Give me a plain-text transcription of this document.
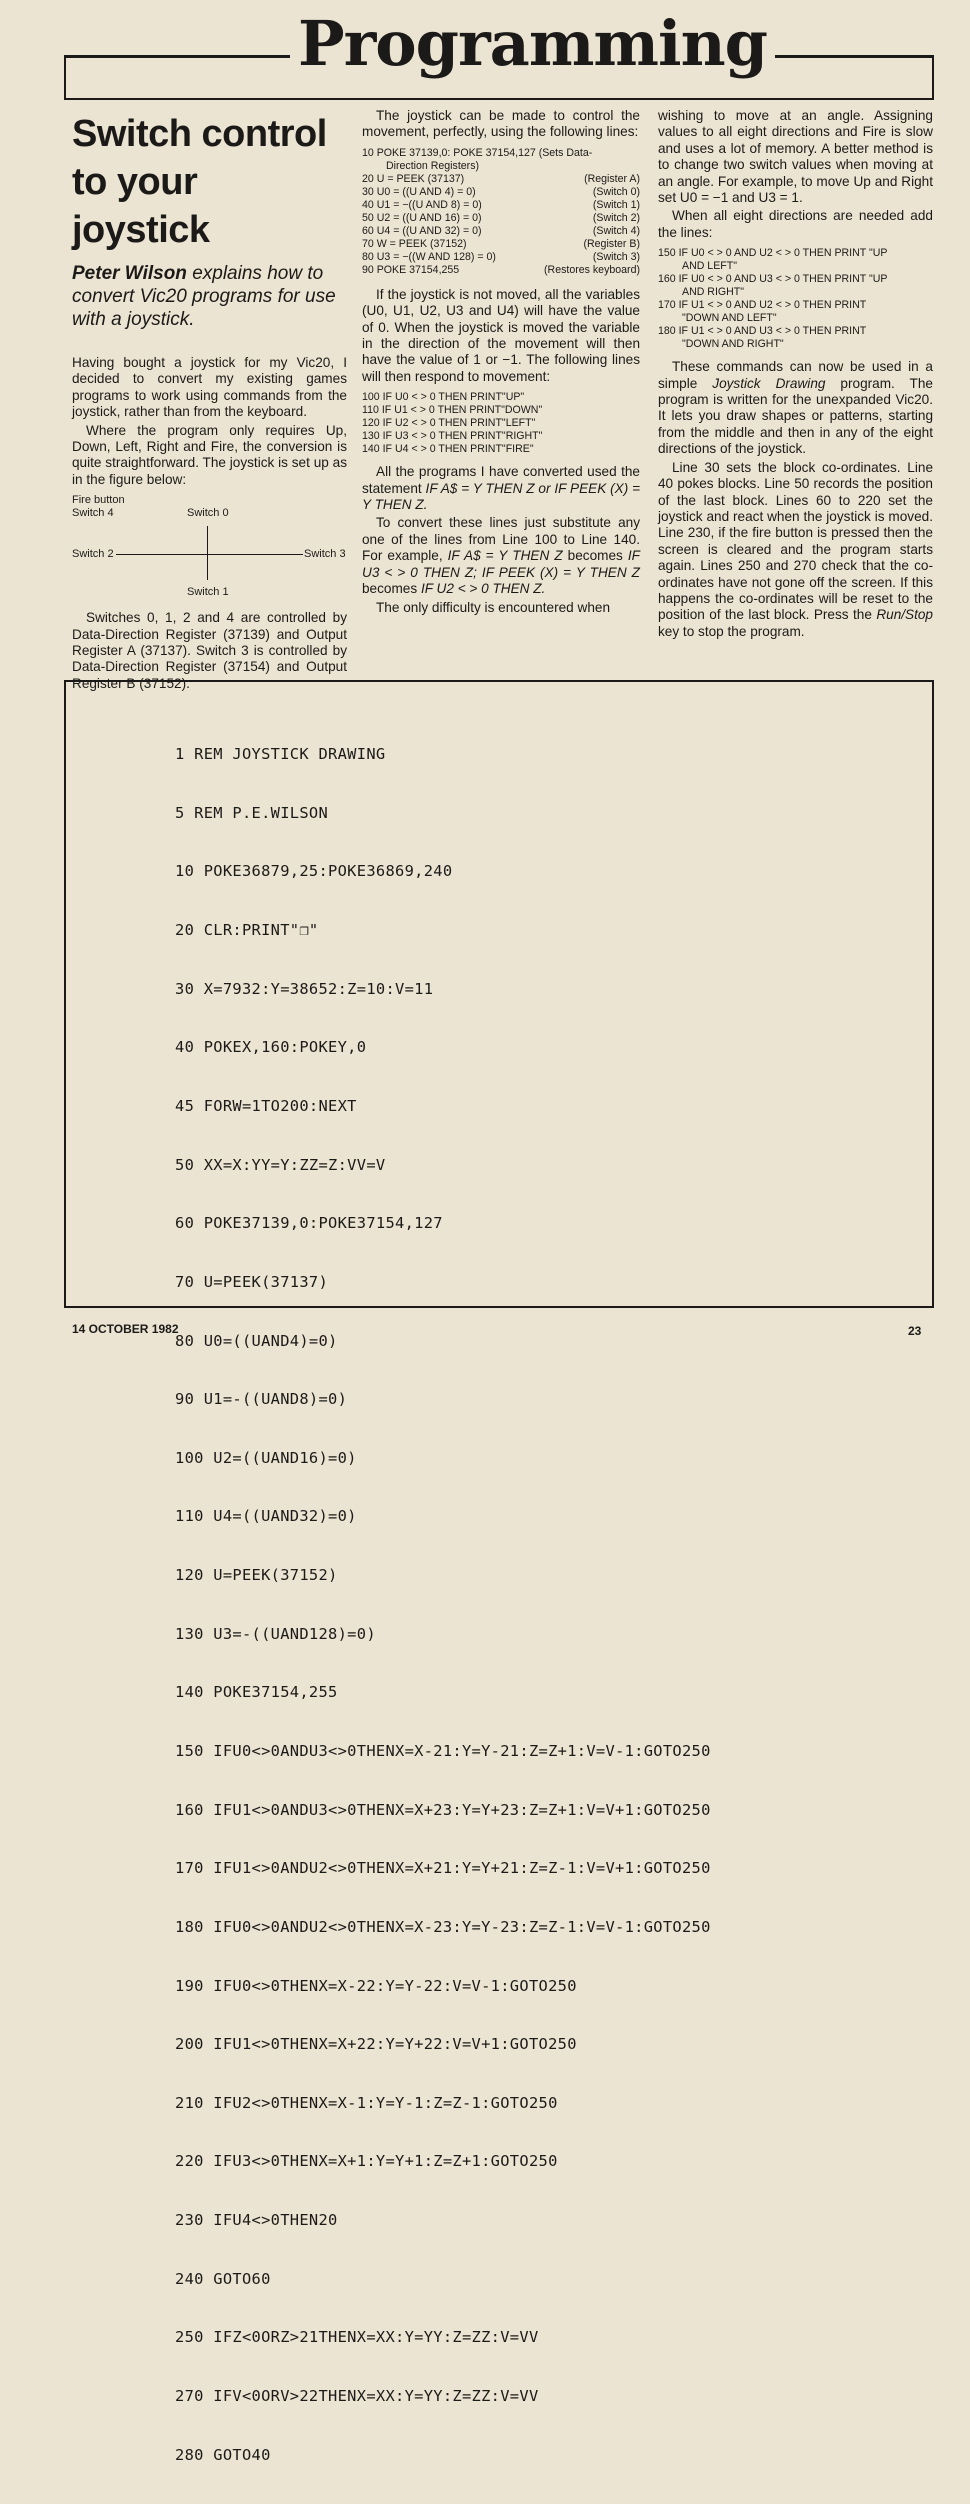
Programming
Switch control
to your
joystick
Peter Wilson explains how to convert Vic20 programs for use with a joystick.

Having bought a joystick for my Vic20, I decided to convert my existing games programs to work using commands from the joystick, rather than from the keyboard.

Where the program only requires Up, Down, Left, Right and Fire, the conversion is quite straightforward. The joystick is set up as in the figure below:

Fire button
Switch 4	Switch 0
Switch 2	Switch 3
Switch 1

Switches 0, 1, 2 and 4 are controlled by Data-Direction Register (37139) and Output Register A (37137). Switch 3 is controlled by Data-Direction Register (37154) and Output Register B (37152).

The joystick can be made to control the movement, perfectly, using the following lines:

10 POKE 37139,0: POKE 37154,127 (Sets Data-
Direction Registers)
20 U = PEEK (37137)	(Register A)
30 U0 = ((U AND 4) = 0)	(Switch 0)
40 U1 = −((U AND 8) = 0)	(Switch 1)
50 U2 = ((U AND 16) = 0)	(Switch 2)
60 U4 = ((U AND 32) = 0)	(Switch 4)
70 W = PEEK (37152)	(Register B)
80 U3 = −((W AND 128) = 0)	(Switch 3)
90 POKE 37154,255	(Restores keyboard)

If the joystick is not moved, all the variables (U0, U1, U2, U3 and U4) will have the value of 0. When the joystick is moved the variable in the direction of the movement will then have the value of 1 or −1. The following lines will then respond to movement:

100 IF U0 < > 0 THEN PRINT"UP"
110 IF U1 < > 0 THEN PRINT"DOWN"
120 IF U2 < > 0 THEN PRINT"LEFT"
130 IF U3 < > 0 THEN PRINT"RIGHT"
140 IF U4 < > 0 THEN PRINT"FIRE"

All the programs I have converted used the statement IF A$ = Y THEN Z or IF PEEK (X) = Y THEN Z.

To convert these lines just substitute any one of the lines from Line 100 to Line 140. For example, IF A$ = Y THEN Z becomes IF U3 < > 0 THEN Z; IF PEEK (X) = Y THEN Z becomes IF U2 < > 0 THEN Z.

The only difficulty is encountered when

wishing to move at an angle. Assigning values to all eight directions and Fire is slow and uses a lot of memory. A better method is to change two switch values when moving at an angle. For example, to move Up and Right set U0 = −1 and U3 = 1.

When all eight directions are needed add the lines:

150 IF U0 < > 0 AND U2 < > 0 THEN PRINT "UP
AND LEFT"
160 IF U0 < > 0 AND U3 < > 0 THEN PRINT "UP
AND RIGHT"
170 IF U1 < > 0 AND U2 < > 0 THEN PRINT
"DOWN AND LEFT"
180 IF U1 < > 0 AND U3 < > 0 THEN PRINT
"DOWN AND RIGHT"

These commands can now be used in a simple Joystick Drawing program. The program is written for the unexpanded Vic20. It lets you draw shapes or patterns, starting from the middle and then in any of the eight directions of the joystick.

Line 30 sets the block co-ordinates. Line 40 pokes blocks. Line 50 records the position of the last block. Lines 60 to 220 set the joystick and react when the joystick is moved. Line 230, if the fire button is pressed then the screen is cleared and the program starts again. Lines 250 and 270 check that the co-ordinates have not gone off the screen. If this happens the co-ordinates will be reset to the position of the last block. Press the Run/Stop key to stop the program.

1 REM JOYSTICK DRAWING

5 REM P.E.WILSON

10 POKE36879,25:POKE36869,240

20 CLR:PRINT"❐"

30 X=7932:Y=38652:Z=10:V=11

40 POKEX,160:POKEY,0

45 FORW=1TO200:NEXT

50 XX=X:YY=Y:ZZ=Z:VV=V

60 POKE37139,0:POKE37154,127

70 U=PEEK(37137)

80 U0=((UAND4)=0)

90 U1=-((UAND8)=0)

100 U2=((UAND16)=0)

110 U4=((UAND32)=0)

120 U=PEEK(37152)

130 U3=-((UAND128)=0)

140 POKE37154,255

150 IFU0<>0ANDU3<>0THENX=X-21:Y=Y-21:Z=Z+1:V=V-1:GOTO250

160 IFU1<>0ANDU3<>0THENX=X+23:Y=Y+23:Z=Z+1:V=V+1:GOTO250

170 IFU1<>0ANDU2<>0THENX=X+21:Y=Y+21:Z=Z-1:V=V+1:GOTO250

180 IFU0<>0ANDU2<>0THENX=X-23:Y=Y-23:Z=Z-1:V=V-1:GOTO250

190 IFU0<>0THENX=X-22:Y=Y-22:V=V-1:GOTO250

200 IFU1<>0THENX=X+22:Y=Y+22:V=V+1:GOTO250

210 IFU2<>0THENX=X-1:Y=Y-1:Z=Z-1:GOTO250

220 IFU3<>0THENX=X+1:Y=Y+1:Z=Z+1:GOTO250

230 IFU4<>0THEN20

240 GOTO60

250 IFZ<0ORZ>21THENX=XX:Y=YY:Z=ZZ:V=VV

270 IFV<0ORV>22THENX=XX:Y=YY:Z=ZZ:V=VV

280 GOTO40

14 OCTOBER 1982	23
